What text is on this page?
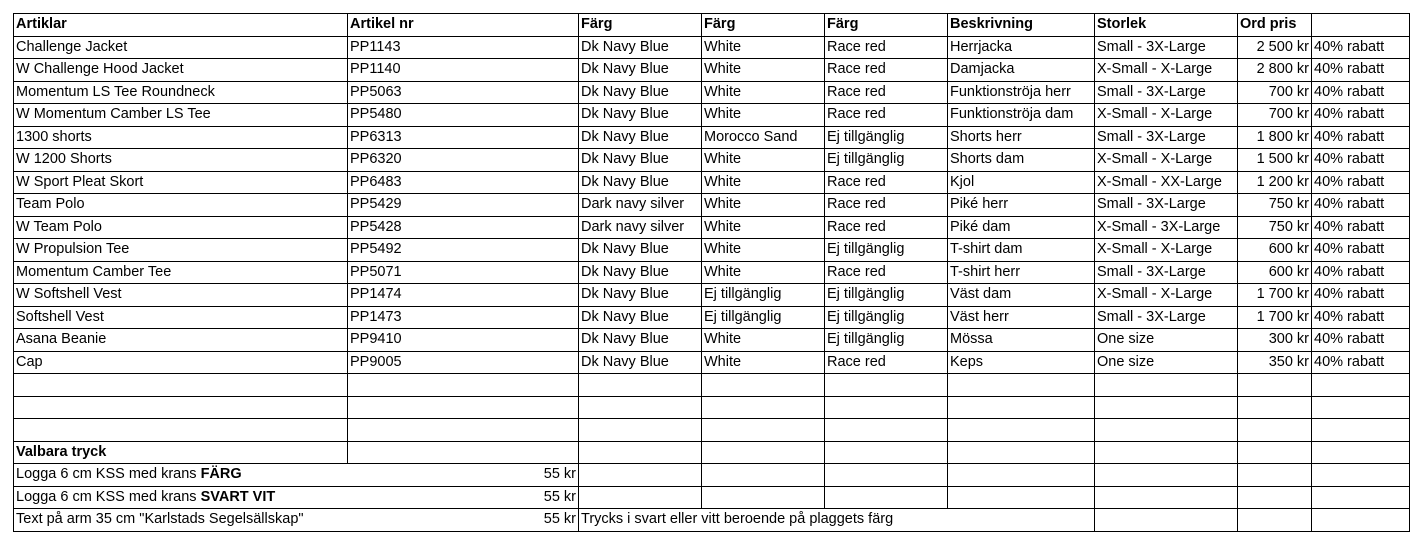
Artiklar	Artikel nr	Färg	Färg	Färg	Beskrivning	Storlek	Ord pris	
Challenge Jacket	PP1143	Dk Navy Blue	White	Race red	Herrjacka	Small - 3X-Large	2 500 kr	40% rabatt
W Challenge Hood Jacket	PP1140	Dk Navy Blue	White	Race red	Damjacka	X-Small - X-Large	2 800 kr	40% rabatt
Momentum LS Tee Roundneck	PP5063	Dk Navy Blue	White	Race red	Funktionströja herr	Small - 3X-Large	700 kr	40% rabatt
W Momentum Camber LS Tee	PP5480	Dk Navy Blue	White	Race red	Funktionströja dam	X-Small - X-Large	700 kr	40% rabatt
1300 shorts	PP6313	Dk Navy Blue	Morocco Sand	Ej tillgänglig	Shorts herr	Small - 3X-Large	1 800 kr	40% rabatt
W 1200 Shorts	PP6320	Dk Navy Blue	White	Ej tillgänglig	Shorts dam	X-Small - X-Large	1 500 kr	40% rabatt
W Sport Pleat Skort	PP6483	Dk Navy Blue	White	Race red	Kjol	X-Small - XX-Large	1 200 kr	40% rabatt
Team Polo	PP5429	Dark navy silver	White	Race red	Piké herr	Small - 3X-Large	750 kr	40% rabatt
W Team Polo	PP5428	Dark navy silver	White	Race red	Piké dam	X-Small - 3X-Large	750 kr	40% rabatt
W Propulsion Tee	PP5492	Dk Navy Blue	White	Ej tillgänglig	T-shirt dam	X-Small - X-Large	600 kr	40% rabatt
Momentum Camber Tee	PP5071	Dk Navy Blue	White	Race red	T-shirt herr	Small - 3X-Large	600 kr	40% rabatt
W Softshell Vest	PP1474	Dk Navy Blue	Ej tillgänglig	Ej tillgänglig	Väst dam	X-Small - X-Large	1 700 kr	40% rabatt
Softshell Vest	PP1473	Dk Navy Blue	Ej tillgänglig	Ej tillgänglig	Väst herr	Small - 3X-Large	1 700 kr	40% rabatt
Asana Beanie	PP9410	Dk Navy Blue	White	Ej tillgänglig	Mössa	One size	300 kr	40% rabatt
Cap	PP9005	Dk Navy Blue	White	Race red	Keps	One size	350 kr	40% rabatt

Valbara tryck								
Logga 6 cm KSS med krans FÄRG	55 kr							
Logga 6 cm KSS med krans SVART VIT	55 kr							
Text på arm 35 cm "Karlstads Segelsällskap"	55 kr	Trycks i svart eller vitt beroende på plaggets färg						
